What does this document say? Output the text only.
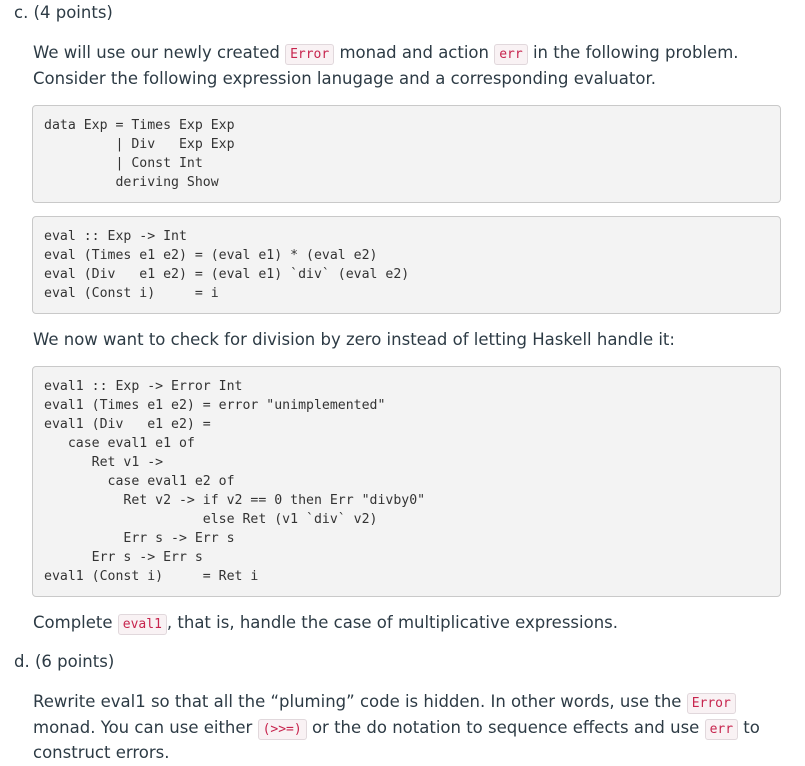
c. (4 points)
We will use our newly created Error monad and action err in the following problem. Consider the following expression lanugage and a corresponding evaluator.
data Exp = Times Exp Exp
| Div   Exp Exp
| Const Int
deriving Show
eval :: Exp -> Int
eval (Times e1 e2) = (eval e1) * (eval e2)
eval (Div   e1 e2) = (eval e1) `div` (eval e2)
eval (Const i)     = i
We now want to check for division by zero instead of letting Haskell handle it:
eval1 :: Exp -> Error Int
eval1 (Times e1 e2) = error "unimplemented"
eval1 (Div   e1 e2) =
case eval1 e1 of
Ret v1 ->
case eval1 e2 of
Ret v2 -> if v2 == 0 then Err "divby0"
else Ret (v1 `div` v2)
Err s -> Err s
Err s -> Err s
eval1 (Const i)     = Ret i
Complete eval1 , that is, handle the case of multiplicative expressions.
d. (6 points)
Rewrite eval1 so that all the “pluming” code is hidden. In other words, use the Error monad. You can use either (>>=) or the do notation to sequence effects and use err to construct errors.
